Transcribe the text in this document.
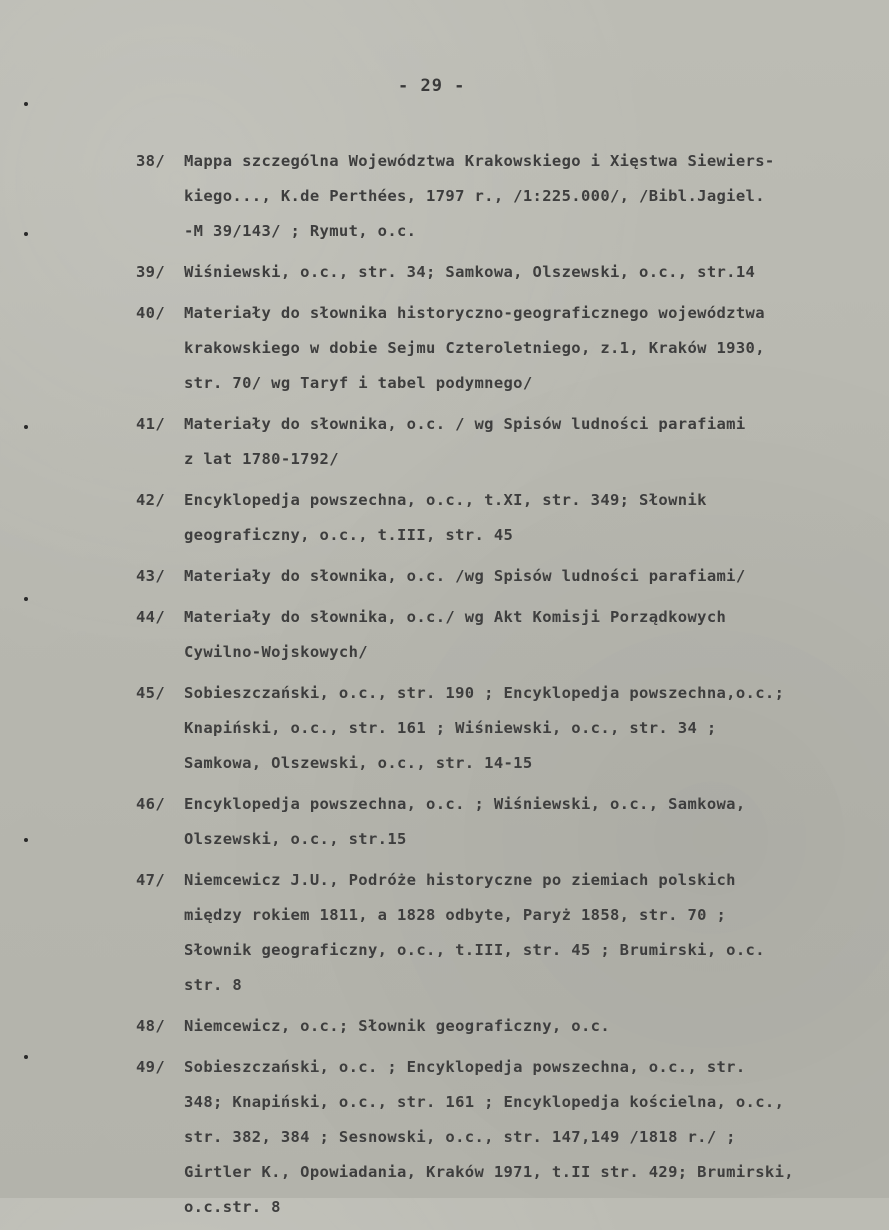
- 29 -
38/	Mappa szczególna Województwa Krakowskiego i Xięstwa Siewiers-
kiego..., K.de Perthées, 1797 r., /1:225.000/, /Bibl.Jagiel.
-M 39/143/ ; Rymut, o.c.
39/	Wiśniewski, o.c., str. 34; Samkowa, Olszewski, o.c., str.14
40/	Materiały do słownika historyczno-geograficznego województwa
krakowskiego w dobie Sejmu Czteroletniego, z.1, Kraków 1930,
str. 70/ wg Taryf i tabel podymnego/
41/	Materiały do słownika, o.c. / wg Spisów ludności parafiami
z lat 1780-1792/
42/	Encyklopedja powszechna, o.c., t.XI, str. 349; Słownik
geograficzny, o.c., t.III, str. 45
43/	Materiały do słownika, o.c. /wg Spisów ludności parafiami/
44/	Materiały do słownika, o.c./ wg Akt Komisji Porządkowych
Cywilno-Wojskowych/
45/	Sobieszczański, o.c., str. 190 ; Encyklopedja powszechna,o.c.;
Knapiński, o.c., str. 161 ; Wiśniewski, o.c., str. 34 ;
Samkowa, Olszewski, o.c., str. 14-15
46/	Encyklopedja powszechna, o.c. ; Wiśniewski, o.c., Samkowa,
Olszewski, o.c., str.15
47/	Niemcewicz J.U., Podróże historyczne po ziemiach polskich
między rokiem 1811, a 1828 odbyte, Paryż 1858, str. 70 ;
Słownik geograficzny, o.c., t.III, str. 45 ; Brumirski, o.c.
str. 8
48/	Niemcewicz, o.c.; Słownik geograficzny, o.c.
49/	Sobieszczański, o.c. ; Encyklopedja powszechna, o.c., str.
348; Knapiński, o.c., str. 161 ; Encyklopedja kościelna, o.c.,
str. 382, 384 ; Sesnowski, o.c., str. 147,149 /1818 r./ ;
Girtler K., Opowiadania, Kraków 1971, t.II str. 429; Brumirski,
o.c.str. 8
